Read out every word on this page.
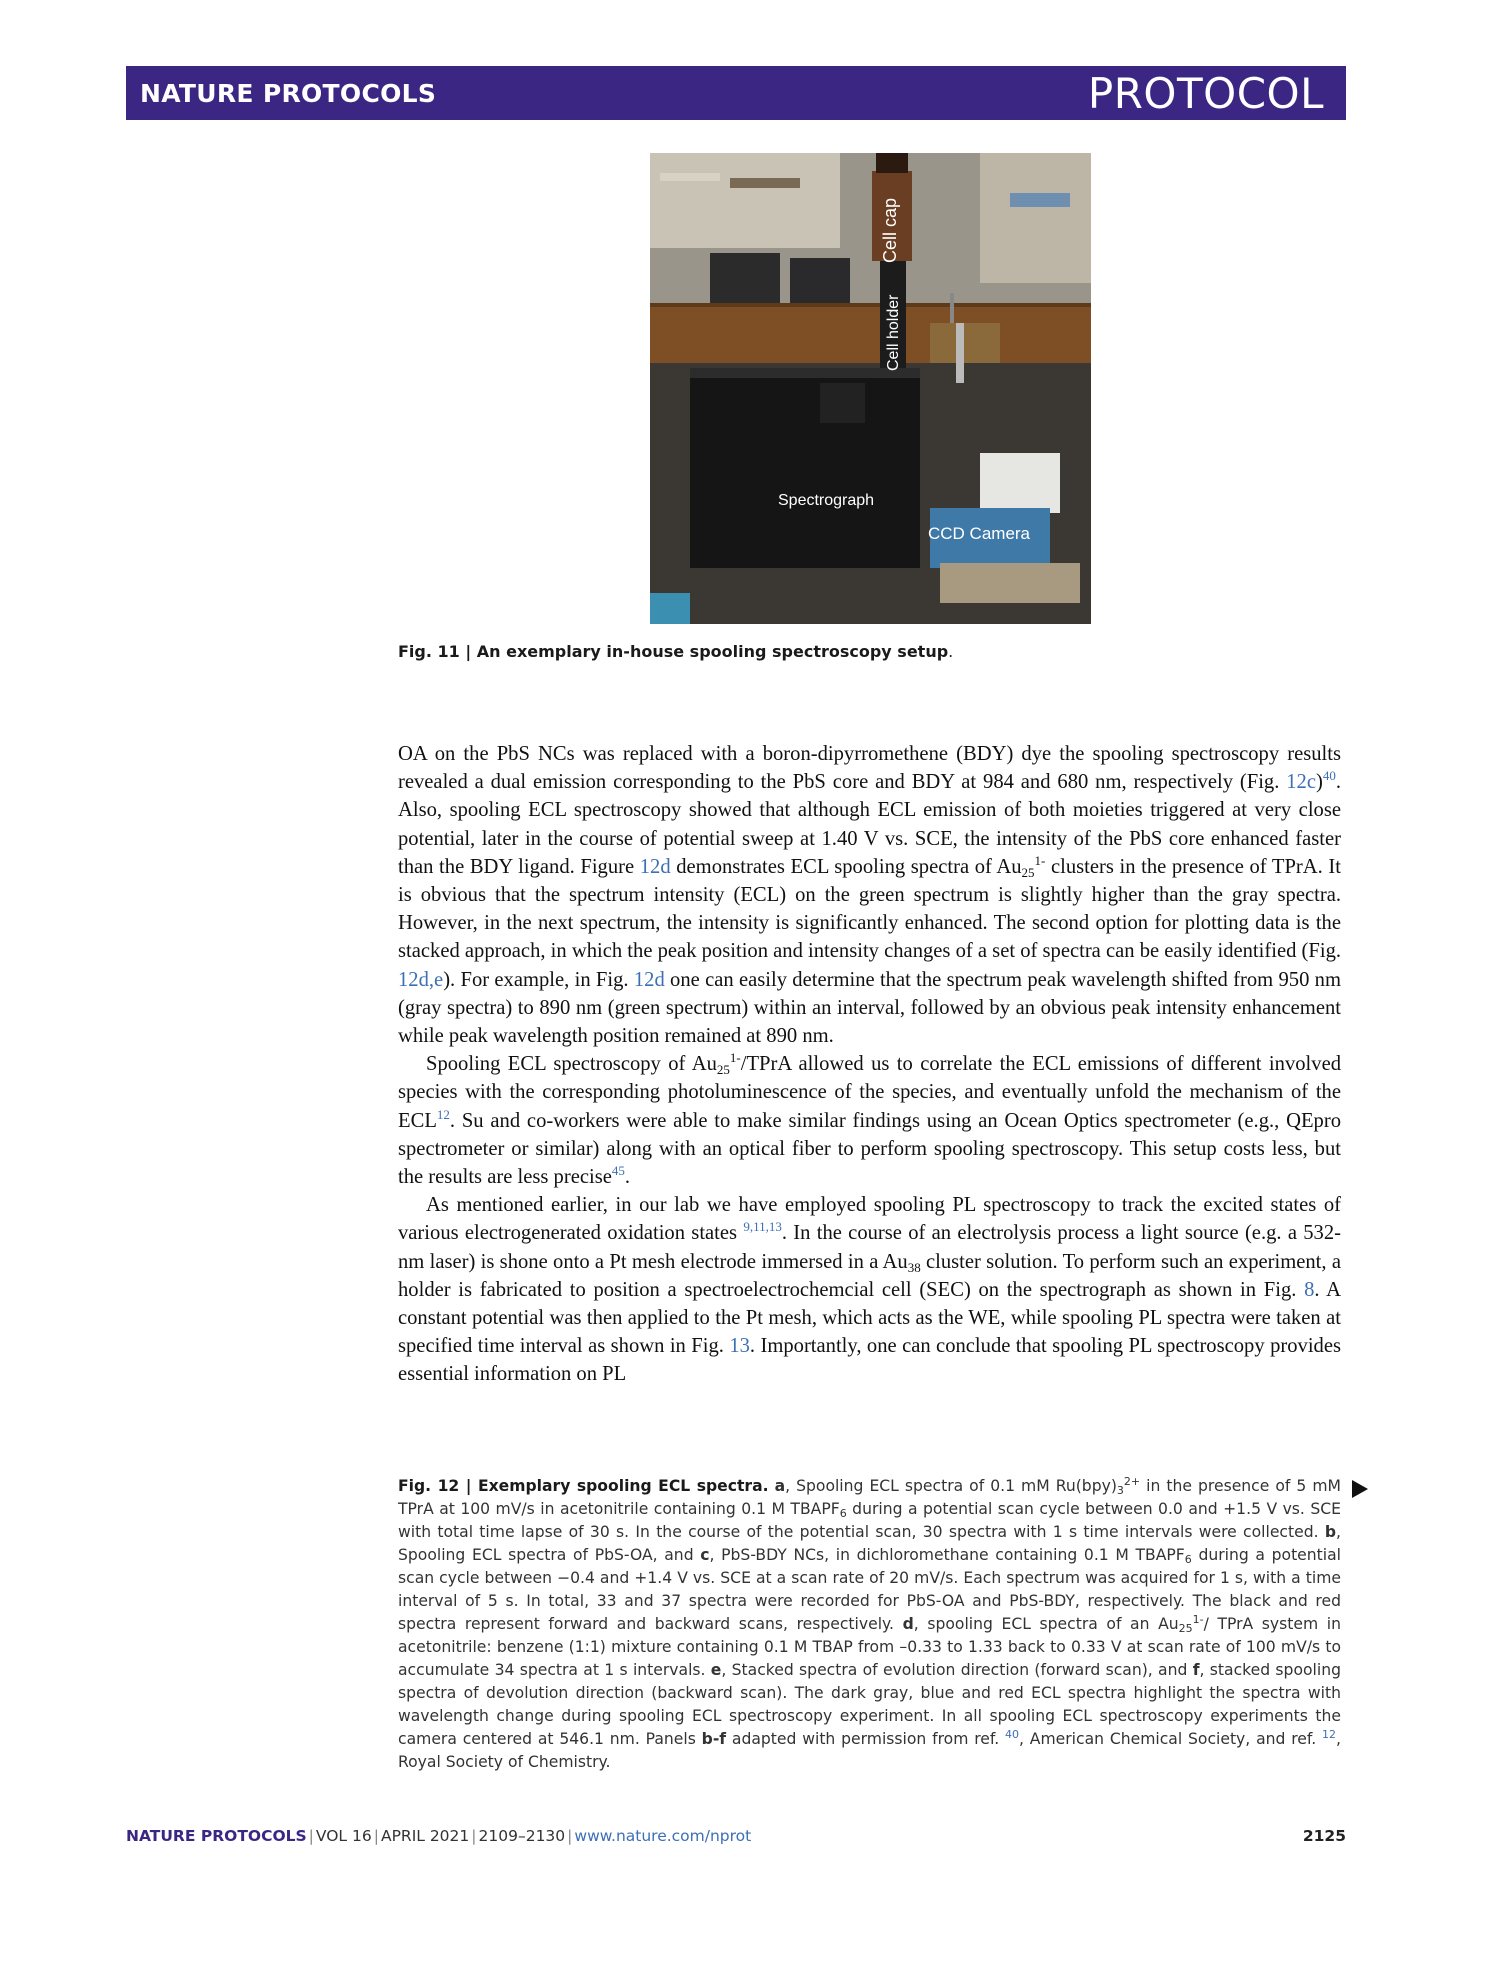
NATURE PROTOCOLS	PROTOCOL
Cell cap
Cell holder
Spectrograph
CCD Camera
Fig. 11 | An exemplary in-house spooling spectroscopy setup.

OA on the PbS NCs was replaced with a boron-dipyrromethene (BDY) dye the spooling spectroscopy results revealed a dual emission corresponding to the PbS core and BDY at 984 and 680 nm, respectively (Fig. 12c)$^{40}$. Also, spooling ECL spectroscopy showed that although ECL emission of both moieties triggered at very close potential, later in the course of potential sweep at 1.40 V vs. SCE, the intensity of the PbS core enhanced faster than the BDY ligand. Figure 12d demonstrates ECL spooling spectra of $Au_{25}^{1-}$ clusters in the presence of TPrA. It is obvious that the spectrum intensity (ECL) on the green spectrum is slightly higher than the gray spectra. However, in the next spectrum, the intensity is significantly enhanced. The second option for plotting data is the stacked approach, in which the peak position and intensity changes of a set of spectra can be easily identified (Fig. 12d,e). For example, in Fig. 12d one can easily determine that the spectrum peak wavelength shifted from 950 nm (gray spectra) to 890 nm (green spectrum) within an interval, followed by an obvious peak intensity enhancement while peak wavelength position remained at 890 nm.

Spooling ECL spectroscopy of $Au_{25}^{1-}$/TPrA allowed us to correlate the ECL emissions of different involved species with the corresponding photoluminescence of the species, and eventually unfold the mechanism of the ECL$^{12}$. Su and co-workers were able to make similar findings using an Ocean Optics spectrometer (e.g., QEpro spectrometer or similar) along with an optical fiber to perform spooling spectroscopy. This setup costs less, but the results are less precise$^{45}$.

As mentioned earlier, in our lab we have employed spooling PL spectroscopy to track the excited states of various electrogenerated oxidation states $^{9,11,13}$. In the course of an electrolysis process a light source (e.g. a 532-nm laser) is shone onto a Pt mesh electrode immersed in a $Au_{38}$ cluster solution. To perform such an experiment, a holder is fabricated to position a spectroelectrochemcial cell (SEC) on the spectrograph as shown in Fig. 8. A constant potential was then applied to the Pt mesh, which acts as the WE, while spooling PL spectra were taken at specified time interval as shown in Fig. 13. Importantly, one can conclude that spooling PL spectroscopy provides essential information on PL

Fig. 12 | Exemplary spooling ECL spectra. a, Spooling ECL spectra of 0.1 mM $Ru(bpy)_3^{2+}$ in the presence of 5 mM TPrA at 100 mV/s in acetonitrile containing 0.1 M $TBAPF_6$ during a potential scan cycle between 0.0 and +1.5 V vs. SCE with total time lapse of 30 s. In the course of the potential scan, 30 spectra with 1 s time intervals were collected. b, Spooling ECL spectra of PbS-OA, and c, PbS-BDY NCs, in dichloromethane containing 0.1 M $TBAPF_6$ during a potential scan cycle between −0.4 and +1.4 V vs. SCE at a scan rate of 20 mV/s. Each spectrum was acquired for 1 s, with a time interval of 5 s. In total, 33 and 37 spectra were recorded for PbS-OA and PbS-BDY, respectively. The black and red spectra represent forward and backward scans, respectively. d, spooling ECL spectra of an $Au_{25}^{1-}/$ TPrA system in acetonitrile: benzene (1:1) mixture containing 0.1 M TBAP from –0.33 to 1.33 back to 0.33 V at scan rate of 100 mV/s to accumulate 34 spectra at 1 s intervals. e, Stacked spectra of evolution direction (forward scan), and f, stacked spooling spectra of devolution direction (backward scan). The dark gray, blue and red ECL spectra highlight the spectra with wavelength change during spooling ECL spectroscopy experiment. In all spooling ECL spectroscopy experiments the camera centered at 546.1 nm. Panels b-f adapted with permission from ref. $^{40}$, American Chemical Society, and ref. $^{12}$, Royal Society of Chemistry.
NATURE PROTOCOLS | VOL 16 | APRIL 2021 | 2109–2130 | www.nature.com/nprot	2125
